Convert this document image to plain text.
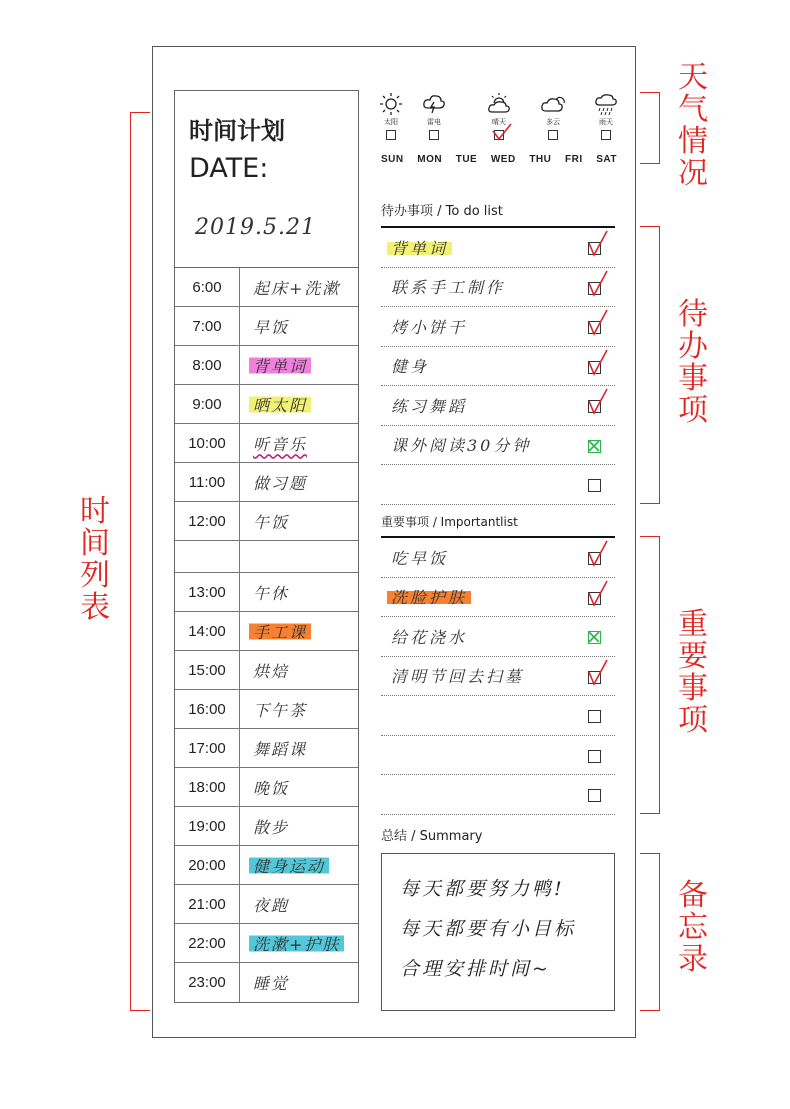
时间计划
DATE:
2019.5.21
6:00	起床+洗漱
7:00	早饭
8:00	背单词
9:00	晒太阳
10:00	听音乐
11:00	做习题
12:00	午饭
13:00	午休
14:00	手工课
15:00	烘焙
16:00	下午茶
17:00	舞蹈课
18:00	晚饭
19:00	散步
20:00	健身运动
21:00	夜跑
22:00	洗漱+护肤
23:00	睡觉
太阳	雷电	晴天	多云	雨天
SUN MON TUE WED THU FRI SAT
待办事项 / To do list
背单词
联系手工制作
烤小饼干
健身
练习舞蹈
课外阅读30分钟
重要事项 / Importantlist
吃早饭
洗脸护肤
给花浇水
清明节回去扫墓
总结 / Summary
每天都要努力鸭!
每天都要有小目标
合理安排时间~
天气情况
待办事项
重要事项
备忘录
时间列表
